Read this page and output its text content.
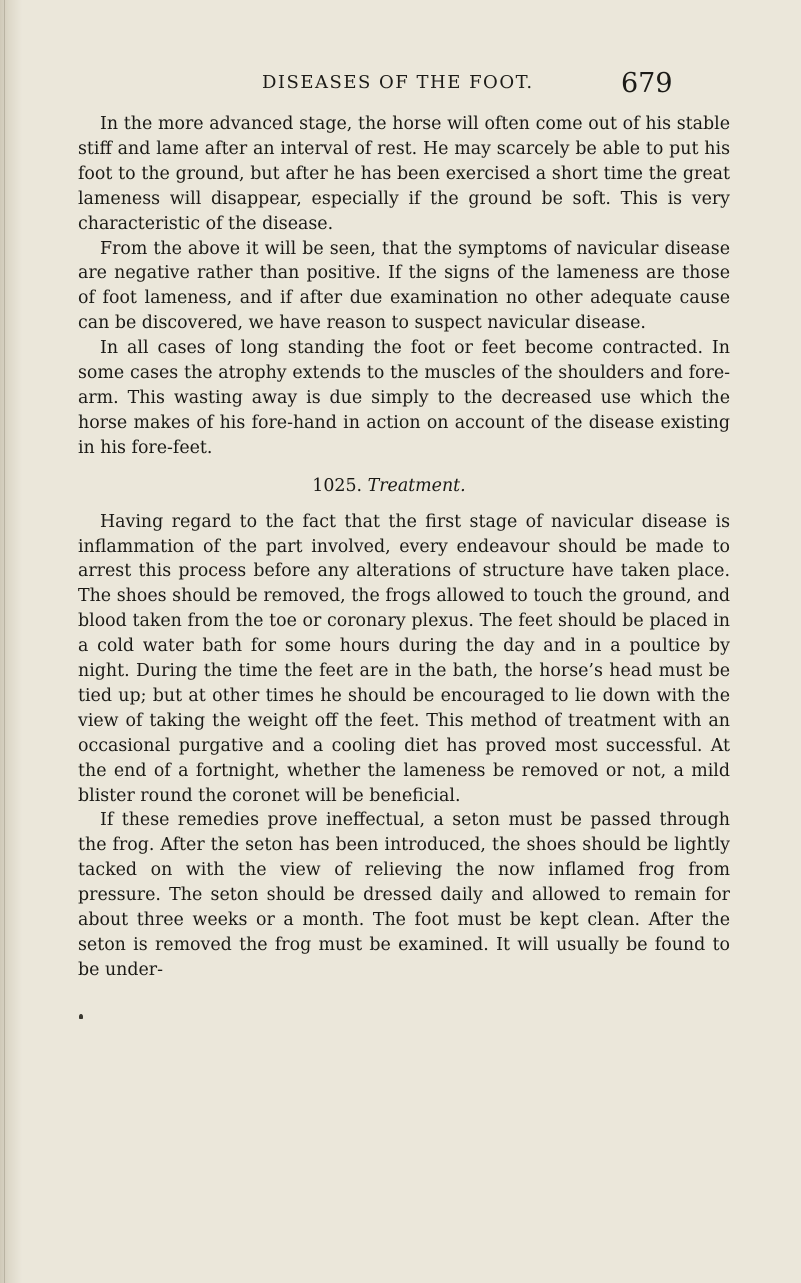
DISEASES OF THE FOOT.	679

In the more advanced stage, the horse will often come out of his stable stiff and lame after an interval of rest. He may scarcely be able to put his foot to the ground, but after he has been exercised a short time the great lameness will disappear, especially if the ground be soft. This is very characteristic of the disease.

From the above it will be seen, that the symptoms of navicular disease are negative rather than positive. If the signs of the lameness are those of foot lameness, and if after due examination no other adequate cause can be discovered, we have reason to suspect navicular disease.

In all cases of long standing the foot or feet become contracted. In some cases the atrophy extends to the muscles of the shoulders and fore-arm. This wasting away is due simply to the decreased use which the horse makes of his fore-hand in action on account of the disease existing in his fore-feet.

1025. Treatment.

Having regard to the fact that the first stage of navicular disease is inflammation of the part involved, every endeavour should be made to arrest this process before any alterations of structure have taken place. The shoes should be removed, the frogs allowed to touch the ground, and blood taken from the toe or coronary plexus. The feet should be placed in a cold water bath for some hours during the day and in a poultice by night. During the time the feet are in the bath, the horse’s head must be tied up; but at other times he should be encouraged to lie down with the view of taking the weight off the feet. This method of treatment with an occasional purgative and a cooling diet has proved most successful. At the end of a fortnight, whether the lameness be removed or not, a mild blister round the coronet will be beneficial.

If these remedies prove ineffectual, a seton must be passed through the frog. After the seton has been introduced, the shoes should be lightly tacked on with the view of relieving the now inflamed frog from pressure. The seton should be dressed daily and allowed to remain for about three weeks or a month. The foot must be kept clean. After the seton is removed the frog must be examined. It will usually be found to be under-
